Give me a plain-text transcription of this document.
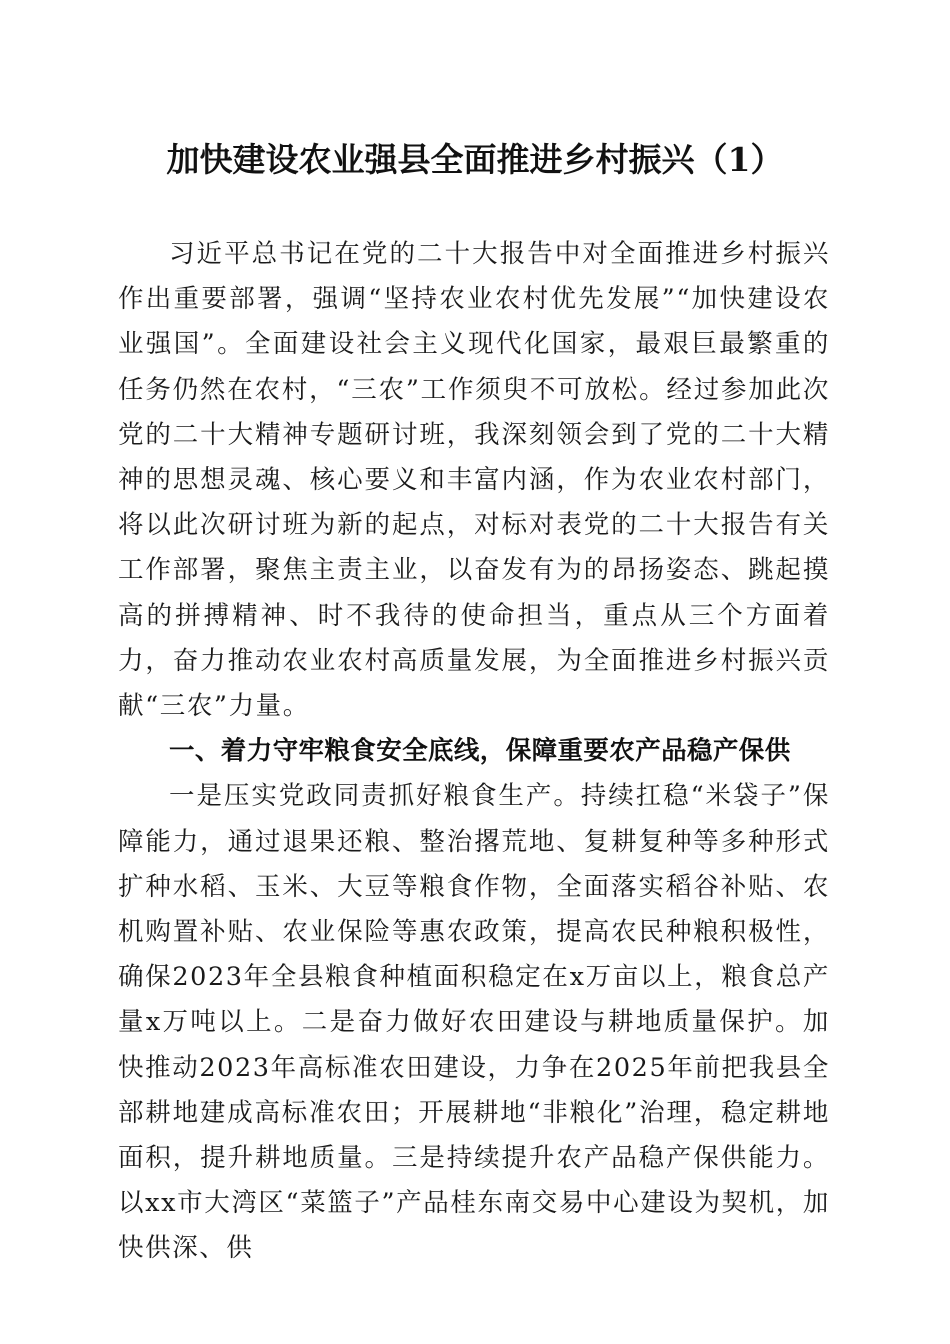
加快建设农业强县全面推进乡村振兴（1）

习近平总书记在党的二十大报告中对全面推进乡村振兴作出重要部署，强调“坚持农业农村优先发展”“加快建设农业强国”。全面建设社会主义现代化国家，最艰巨最繁重的任务仍然在农村，“三农”工作须臾不可放松。经过参加此次党的二十大精神专题研讨班，我深刻领会到了党的二十大精神的思想灵魂、核心要义和丰富内涵，作为农业农村部门，将以此次研讨班为新的起点，对标对表党的二十大报告有关工作部署，聚焦主责主业，以奋发有为的昂扬姿态、跳起摸高的拼搏精神、时不我待的使命担当，重点从三个方面着力，奋力推动农业农村高质量发展，为全面推进乡村振兴贡献“三农”力量。

一、着力守牢粮食安全底线，保障重要农产品稳产保供

一是压实党政同责抓好粮食生产。持续扛稳“米袋子”保障能力，通过退果还粮、整治撂荒地、复耕复种等多种形式扩种水稻、玉米、大豆等粮食作物，全面落实稻谷补贴、农机购置补贴、农业保险等惠农政策，提高农民种粮积极性，确保2023年全县粮食种植面积稳定在x万亩以上，粮食总产量x万吨以上。二是奋力做好农田建设与耕地质量保护。加快推动2023年高标准农田建设，力争在2025年前把我县全部耕地建成高标准农田；开展耕地“非粮化”治理，稳定耕地面积，提升耕地质量。三是持续提升农产品稳产保供能力。以xx市大湾区“菜篮子”产品桂东南交易中心建设为契机，加快供深、供
